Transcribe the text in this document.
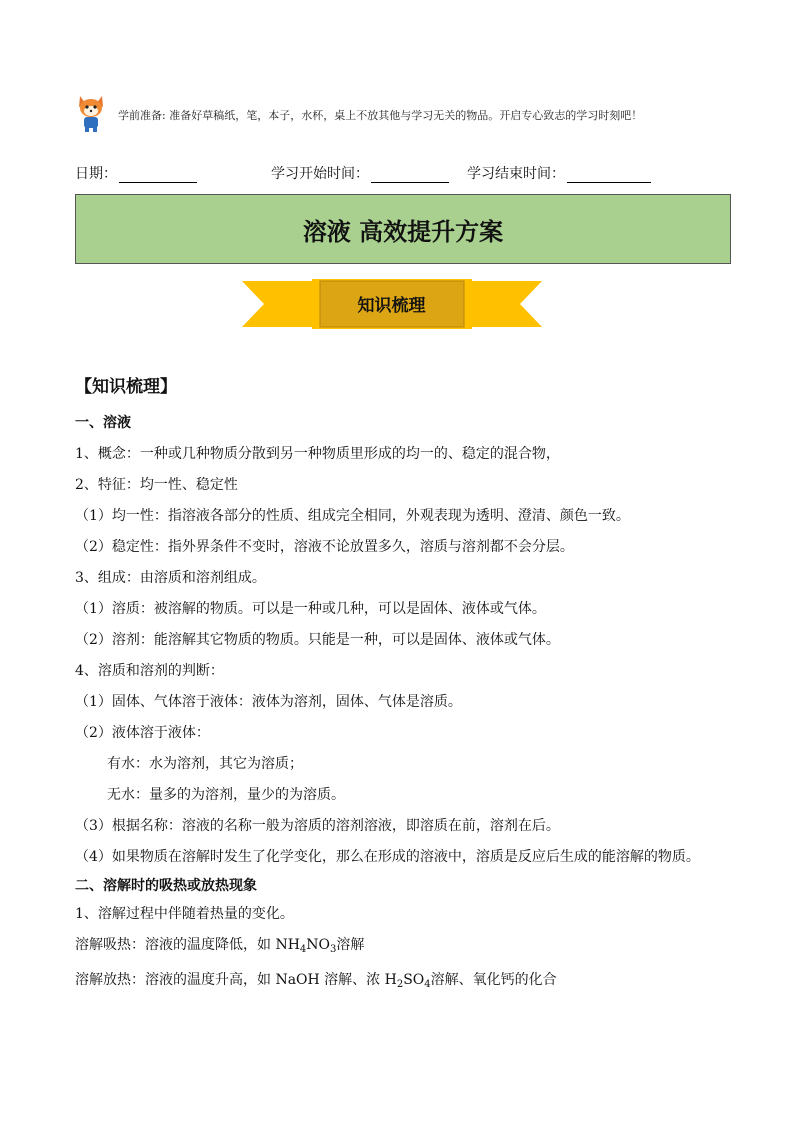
学前准备: 准备好草稿纸，笔，本子，水杯，桌上不放其他与学习无关的物品。开启专心致志的学习时刻吧！
日期：	学习开始时间：	学习结束时间：
溶液 高效提升方案
知识梳理
【知识梳理】
一、溶液
1、概念：一种或几种物质分散到另一种物质里形成的均一的、稳定的混合物，
2、特征：均一性、稳定性
（1）均一性：指溶液各部分的性质、组成完全相同，外观表现为透明、澄清、颜色一致。
（2）稳定性：指外界条件不变时，溶液不论放置多久，溶质与溶剂都不会分层。
3、组成：由溶质和溶剂组成。
（1）溶质：被溶解的物质。可以是一种或几种，可以是固体、液体或气体。
（2）溶剂：能溶解其它物质的物质。只能是一种，可以是固体、液体或气体。
4、溶质和溶剂的判断：
（1）固体、气体溶于液体：液体为溶剂，固体、气体是溶质。
（2）液体溶于液体：
有水：水为溶剂，其它为溶质；
无水：量多的为溶剂，量少的为溶质。
（3）根据名称：溶液的名称一般为溶质的溶剂溶液，即溶质在前，溶剂在后。
（4）如果物质在溶解时发生了化学变化，那么在形成的溶液中，溶质是反应后生成的能溶解的物质。
二、溶解时的吸热或放热现象
1、溶解过程中伴随着热量的变化。
溶解吸热：溶液的温度降低，如 $NH_4NO_3$溶解
溶解放热：溶液的温度升高，如 NaOH 溶解、浓 $H_2SO_4$溶解、氧化钙的化合
